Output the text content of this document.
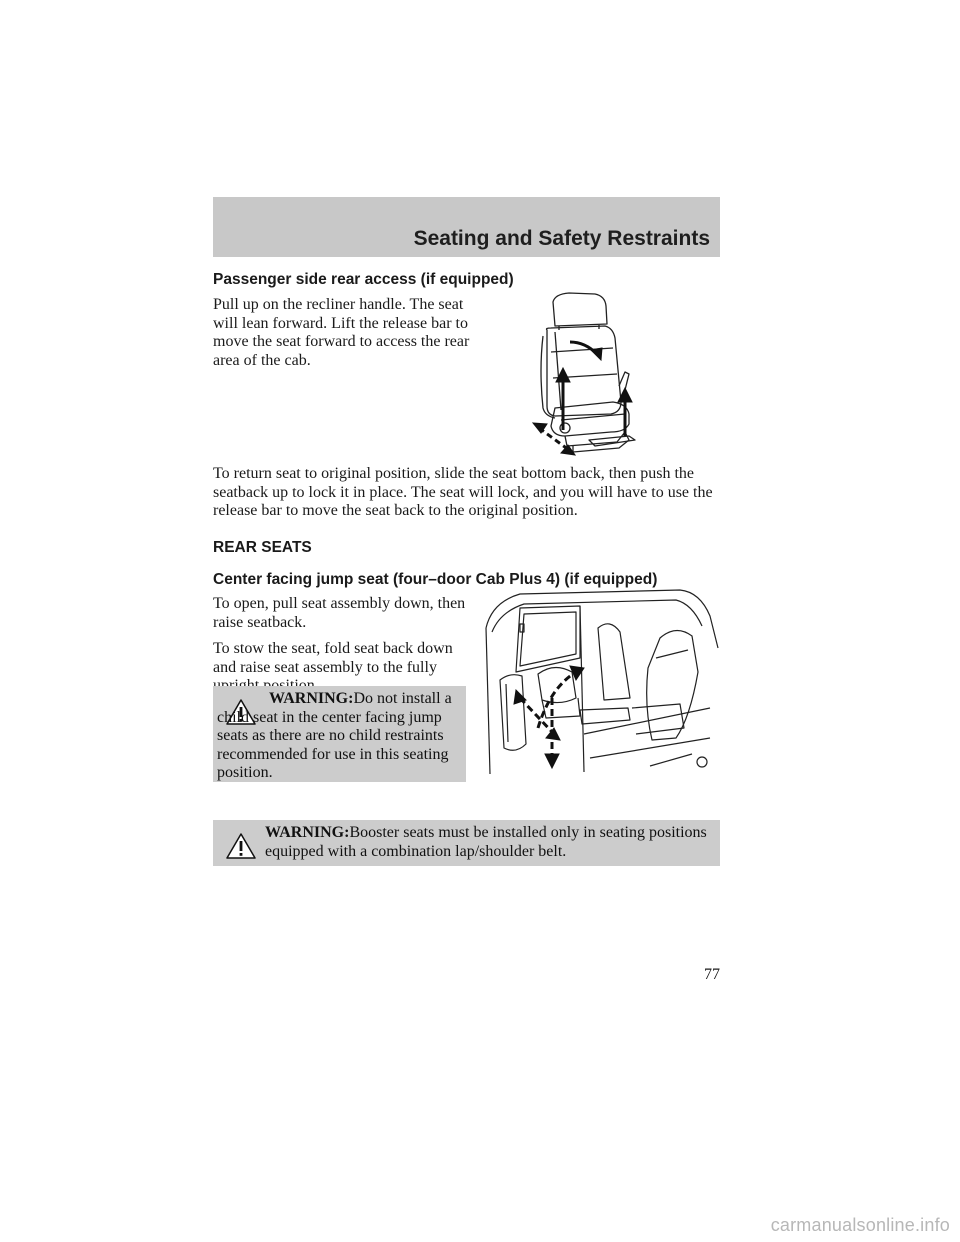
Seating and Safety Restraints
Passenger side rear access (if equipped)

Pull up on the recliner handle. The seat will lean forward. Lift the release bar to move the seat forward to access the rear area of the cab.

To return seat to original position, slide the seat bottom back, then push the seatback up to lock it in place. The seat will lock, and you will have to use the release bar to move the seat back to the original position.

REAR SEATS
Center facing jump seat (four–door Cab Plus 4) (if equipped)

To open, pull seat assembly down, then raise seatback.

To stow the seat, fold seat back down and raise seat assembly to the fully

WARNING:Do not install a child seat in the center facing jump seats as there are no child restraints recommended for use in this seating position.

WARNING:Booster seats must be installed only in seating positions equipped with a combination lap/shoulder belt.

77
carmanualsonline.info
